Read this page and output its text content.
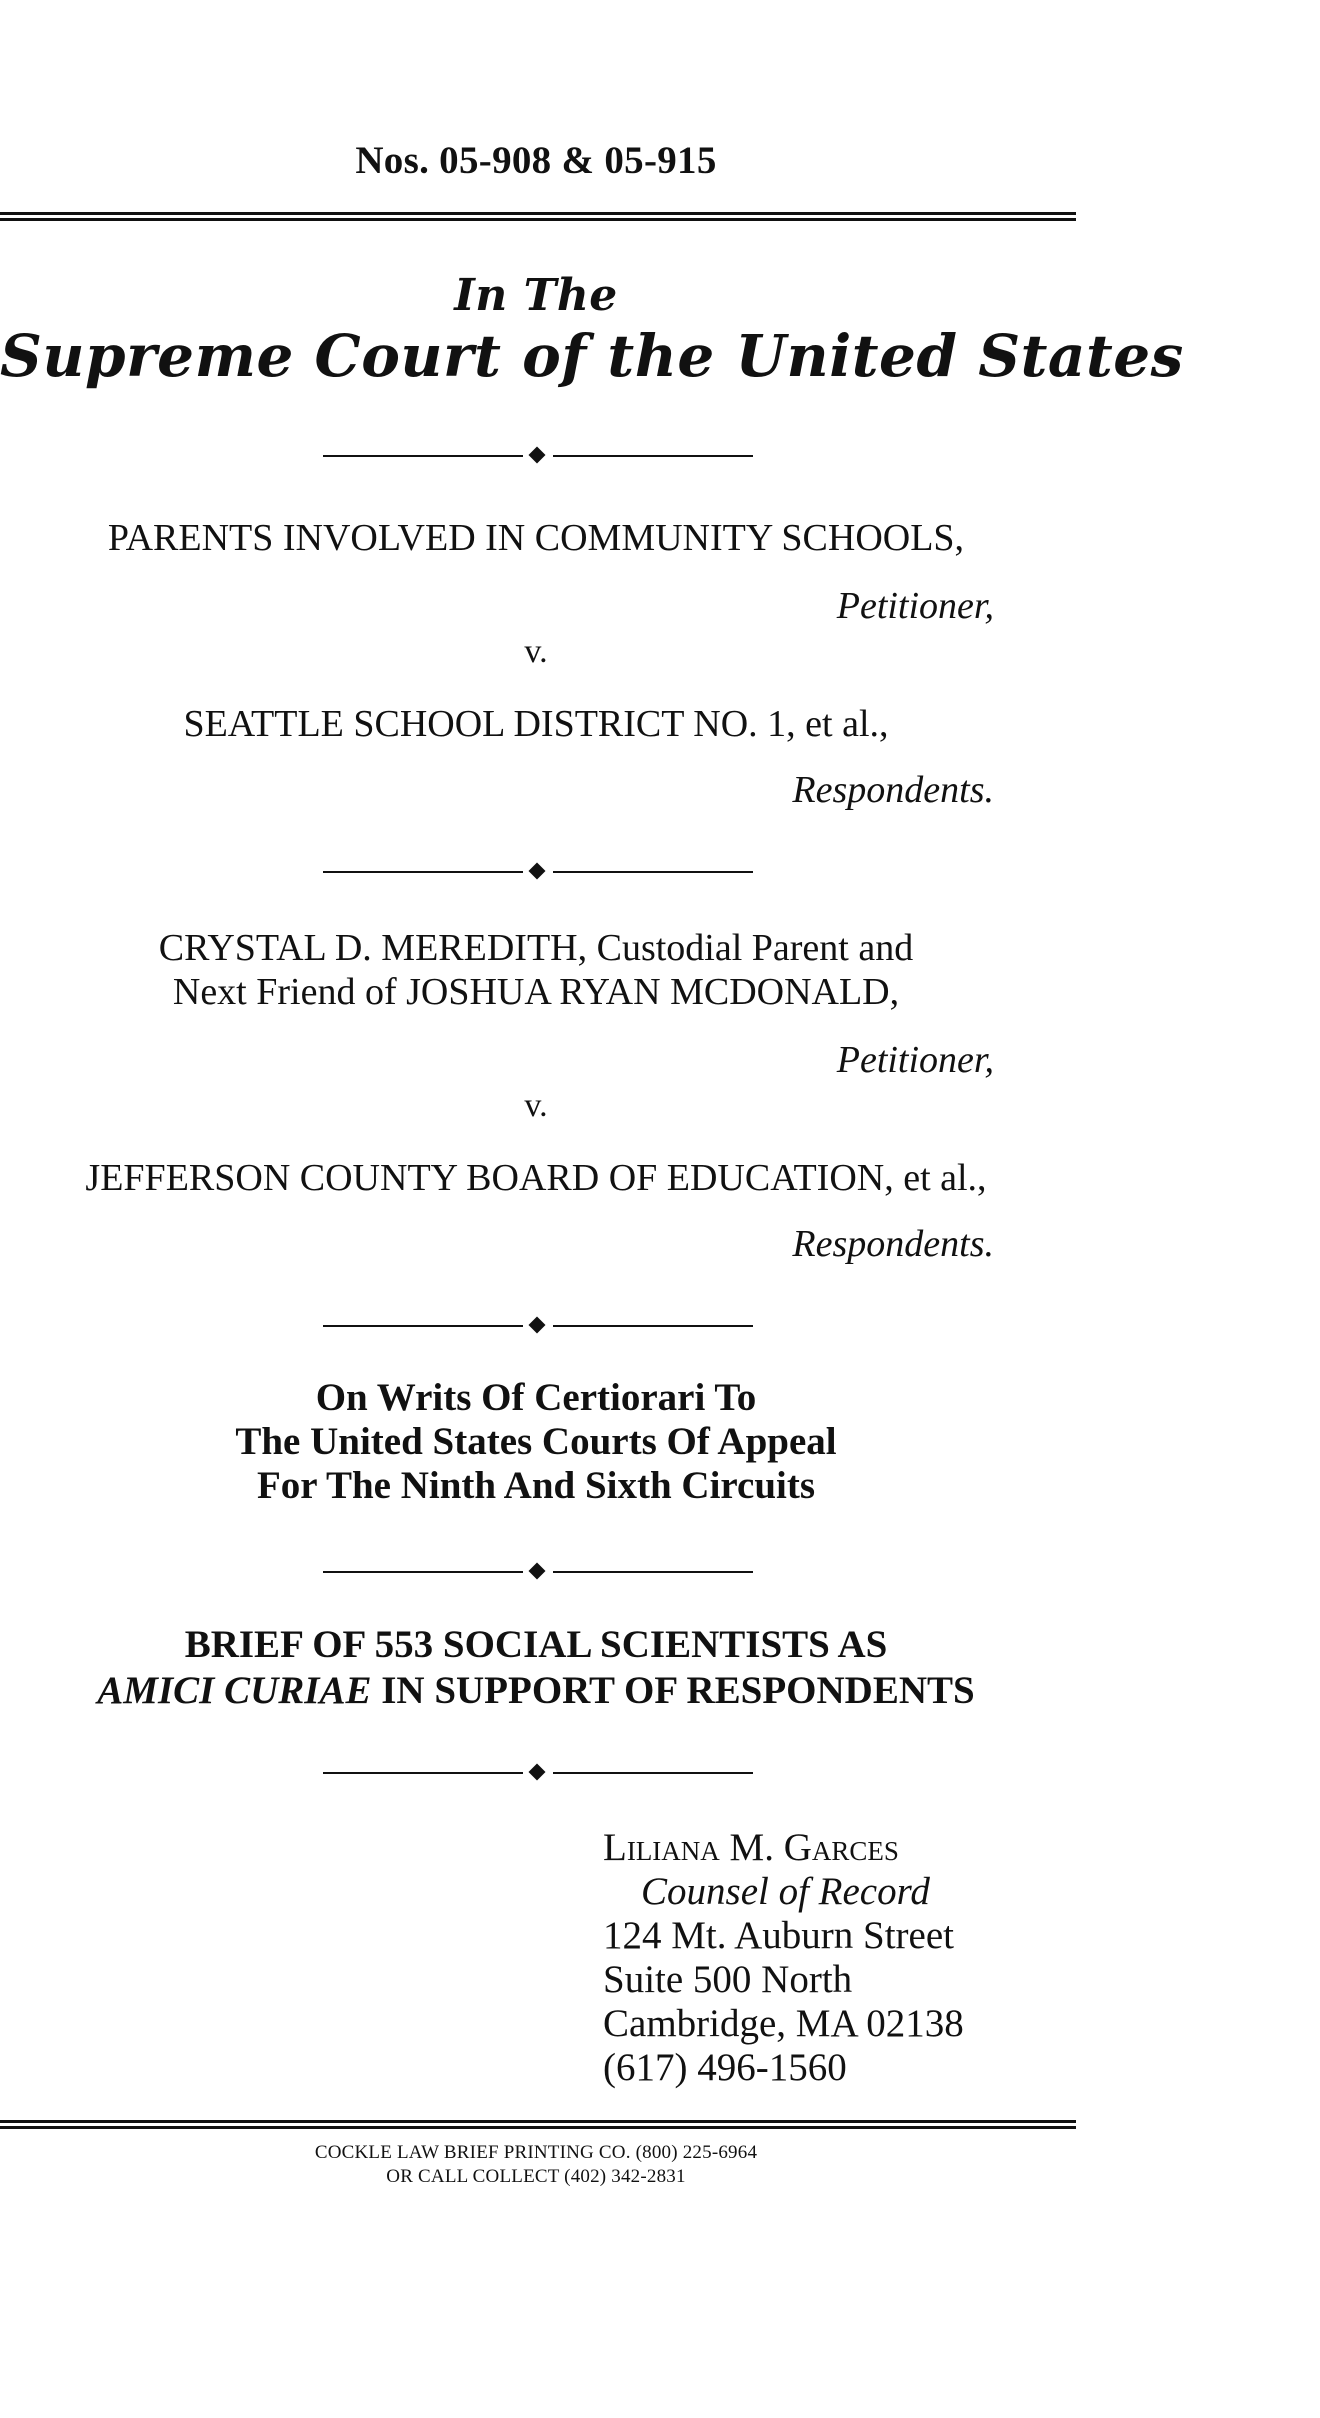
Nos. 05-908 & 05-915
In The
Supreme Court of the United States
PARENTS INVOLVED IN COMMUNITY SCHOOLS,
Petitioner,
v.
SEATTLE SCHOOL DISTRICT NO. 1, et al.,
Respondents.
CRYSTAL D. MEREDITH, Custodial Parent and
Next Friend of JOSHUA RYAN MCDONALD,
Petitioner,
v.
JEFFERSON COUNTY BOARD OF EDUCATION, et al.,
Respondents.
On Writs Of Certiorari To
The United States Courts Of Appeal
For The Ninth And Sixth Circuits
BRIEF OF 553 SOCIAL SCIENTISTS AS
AMICI CURIAE IN SUPPORT OF RESPONDENTS
Liliana M. Garces
Counsel of Record
124 Mt. Auburn Street
Suite 500 North
Cambridge, MA 02138
(617) 496-1560
COCKLE LAW BRIEF PRINTING CO. (800) 225-6964
OR CALL COLLECT (402) 342-2831
